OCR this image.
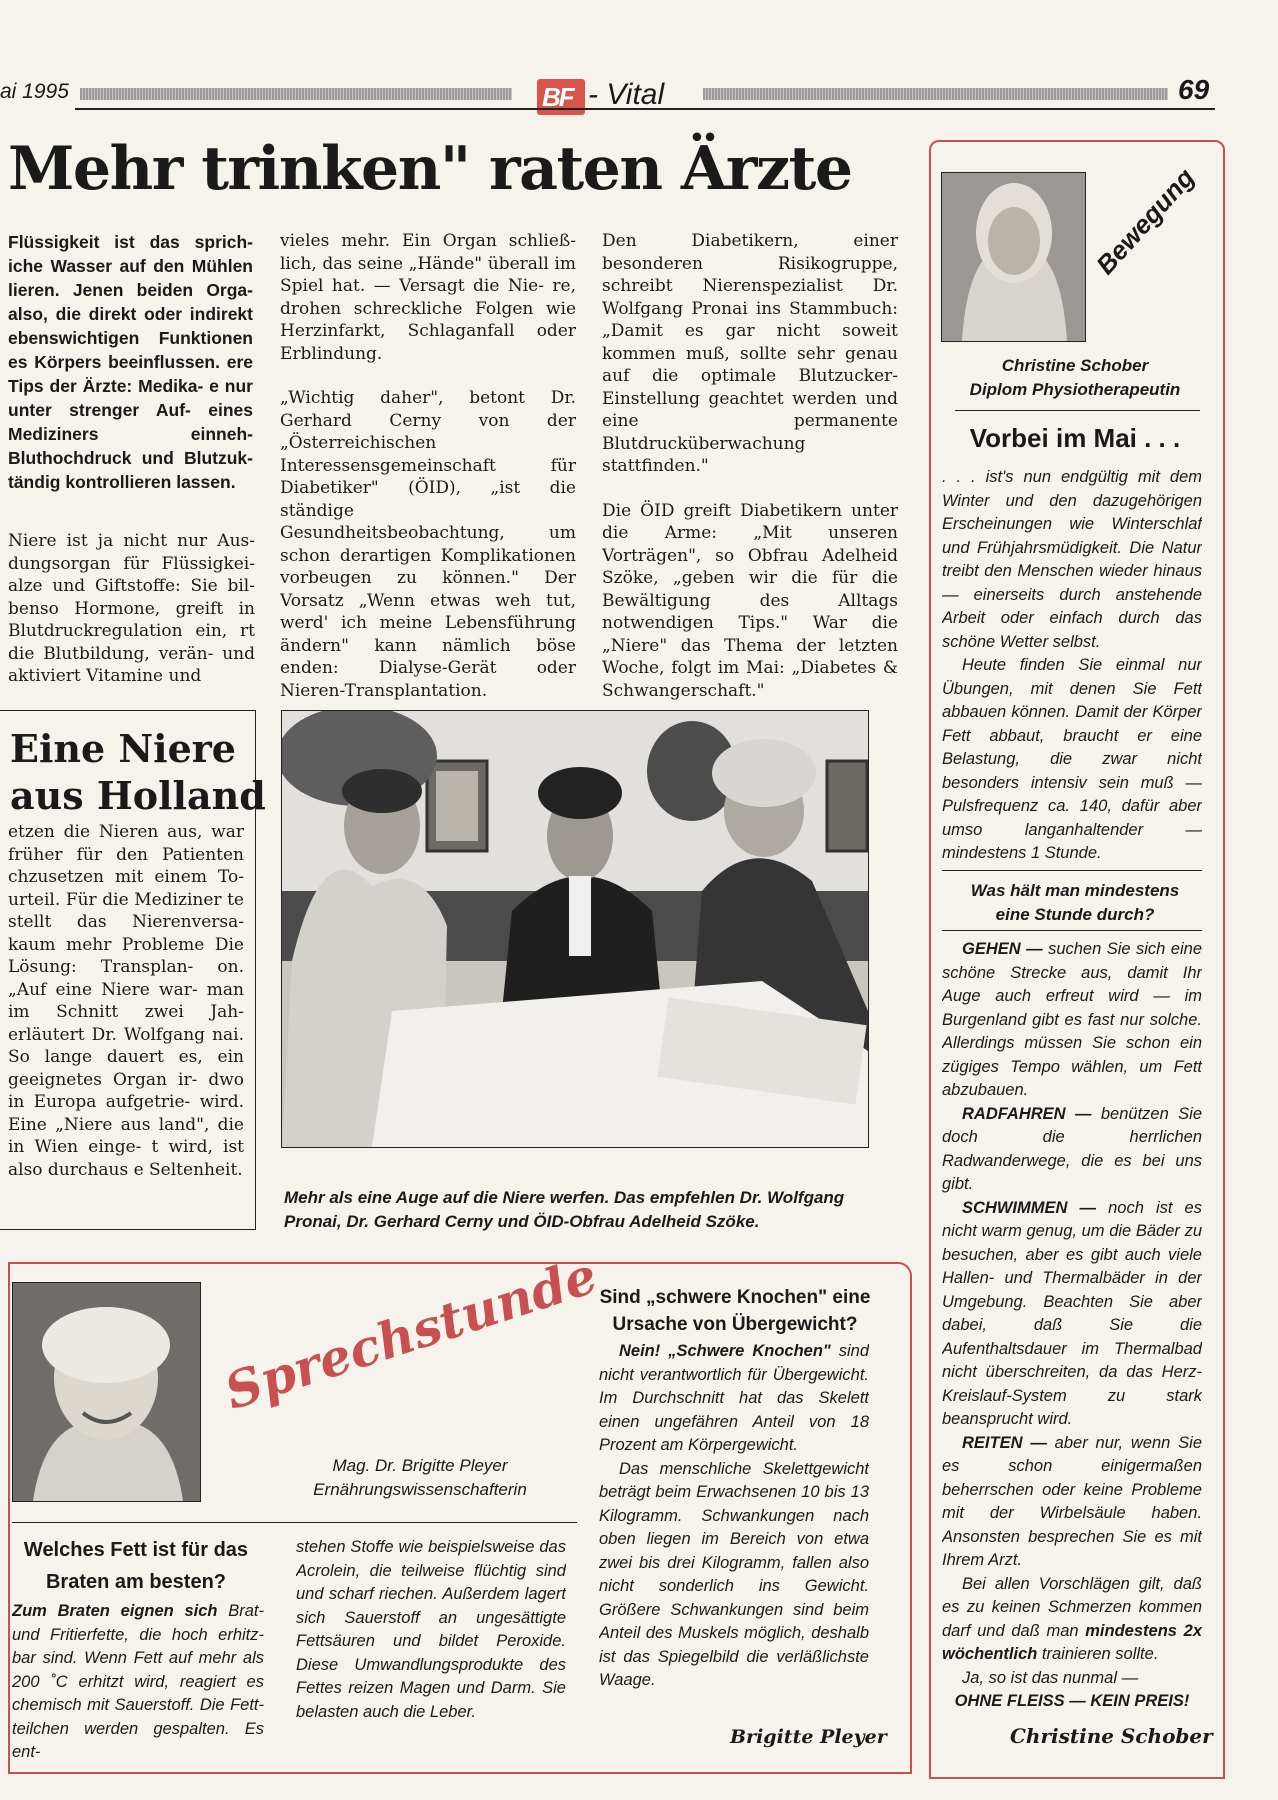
ai 1995	BF - Vital	69
Mehr trinken" raten Ärzte
Flüssigkeit ist das sprich- iche Wasser auf den Mühlen lieren. Jenen beiden Orga- also, die direkt oder indirekt ebenswichtigen Funktionen es Körpers beeinflussen. ere Tips der Ärzte: Medika- e nur unter strenger Auf- eines Mediziners einneh- Bluthochdruck und Blutzuk- tändig kontrollieren lassen.
Niere ist ja nicht nur Aus- dungsorgan für Flüssigkei- alze und Giftstoffe: Sie bil- benso Hormone, greift in Blutdruckregulation ein, rt die Blutbildung, verän- und aktiviert Vitamine und

vieles mehr. Ein Organ schließ- lich, das seine „Hände" überall im Spiel hat. — Versagt die Nie- re, drohen schreckliche Folgen wie Herzinfarkt, Schlaganfall oder Erblindung.

„Wichtig daher", betont Dr. Gerhard Cerny von der „Österreichischen Interessensgemeinschaft für Diabetiker" (ÖID), „ist die ständige Gesundheitsbeobachtung, um schon derartigen Komplikationen vorbeugen zu können." Der Vorsatz „Wenn etwas weh tut, werd' ich meine Lebensführung ändern" kann nämlich böse enden: Dialyse-Gerät oder Nieren-Transplantation.

Den Diabetikern, einer besonderen Risikogruppe, schreibt Nierenspezialist Dr. Wolfgang Pronai ins Stammbuch: „Damit es gar nicht soweit kommen muß, sollte sehr genau auf die optimale Blutzucker-Einstellung geachtet werden und eine permanente Blutdrucküberwachung stattfinden."

Die ÖID greift Diabetikern unter die Arme: „Mit unseren Vorträgen", so Obfrau Adelheid Szöke, „geben wir die für die Bewältigung des Alltags notwendigen Tips." War die „Niere" das Thema der letzten Woche, folgt im Mai: „Diabetes & Schwangerschaft."

Eine Niere
aus Holland
etzen die Nieren aus, war früher für den Patienten chzusetzen mit einem To- urteil. Für die Mediziner te stellt das Nierenversa- kaum mehr Probleme Die Lösung: Transplan- on. „Auf eine Niere war- man im Schnitt zwei Jah- erläutert Dr. Wolfgang nai. So lange dauert es, ein geeignetes Organ ir- dwo in Europa aufgetrie- wird. Eine „Niere aus land", die in Wien einge- t wird, ist also durchaus e Seltenheit.
Mehr als eine Auge auf die Niere werfen. Das empfehlen Dr. Wolfgang Pronai, Dr. Gerhard Cerny und ÖID-Obfrau Adelheid Szöke.
Bewegung
Christine Schober
Diplom Physiotherapeutin
Vorbei im Mai . . .

. . . ist's nun endgültig mit dem Winter und den dazugehörigen Erscheinungen wie Winterschlaf und Frühjahrsmüdigkeit. Die Natur treibt den Menschen wieder hinaus — einerseits durch anstehende Arbeit oder einfach durch das schöne Wetter selbst.

Heute finden Sie einmal nur Übungen, mit denen Sie Fett abbauen können. Damit der Körper Fett abbaut, braucht er eine Belastung, die zwar nicht besonders intensiv sein muß — Pulsfrequenz ca. 140, dafür aber umso langanhaltender — mindestens 1 Stunde.

Was hält man mindestens eine Stunde durch?

GEHEN — suchen Sie sich eine schöne Strecke aus, damit Ihr Auge auch erfreut wird — im Burgenland gibt es fast nur solche. Allerdings müssen Sie schon ein zügiges Tempo wählen, um Fett abzubauen.

RADFAHREN — benützen Sie doch die herrlichen Radwanderwege, die es bei uns gibt.

SCHWIMMEN — noch ist es nicht warm genug, um die Bäder zu besuchen, aber es gibt auch viele Hallen- und Thermalbäder in der Umgebung. Beachten Sie aber dabei, daß Sie die Aufenthaltsdauer im Thermalbad nicht überschreiten, da das Herz-Kreislauf-System zu stark beansprucht wird.

REITEN — aber nur, wenn Sie es schon einigermaßen beherrschen oder keine Probleme mit der Wirbelsäule haben. Ansonsten besprechen Sie es mit Ihrem Arzt.

Bei allen Vorschlägen gilt, daß es zu keinen Schmerzen kommen darf und daß man mindestens 2x wöchentlich trainieren sollte.

Ja, so ist das nunmal —

OHNE FLEISS — KEIN PREIS!

Christine Schober
Sprechstunde
Mag. Dr. Brigitte Pleyer
Ernährungswissenschafterin
Welches Fett ist für das Braten am besten?

Zum Braten eignen sich Brat- und Fritierfette, die hoch erhitz- bar sind. Wenn Fett auf mehr als 200 ˚C erhitzt wird, reagiert es chemisch mit Sauerstoff. Die Fett- teilchen werden gespalten. Es ent-

stehen Stoffe wie beispielsweise das Acrolein, die teilweise flüchtig sind und scharf riechen. Außerdem lagert sich Sauerstoff an ungesättigte Fettsäuren und bildet Peroxide. Diese Umwandlungsprodukte des Fettes reizen Magen und Darm. Sie belasten auch die Leber.
Sind „schwere Knochen" eine Ursache von Übergewicht?

Nein! „Schwere Knochen" sind nicht verantwortlich für Übergewicht. Im Durchschnitt hat das Skelett einen ungefähren Anteil von 18 Prozent am Körpergewicht.

Das menschliche Skelettgewicht beträgt beim Erwachsenen 10 bis 13 Kilogramm. Schwankungen nach oben liegen im Bereich von etwa zwei bis drei Kilogramm, fallen also nicht sonderlich ins Gewicht. Größere Schwankungen sind beim Anteil des Muskels möglich, deshalb ist das Spiegelbild die verläßlichste Waage.

Brigitte Pleyer
